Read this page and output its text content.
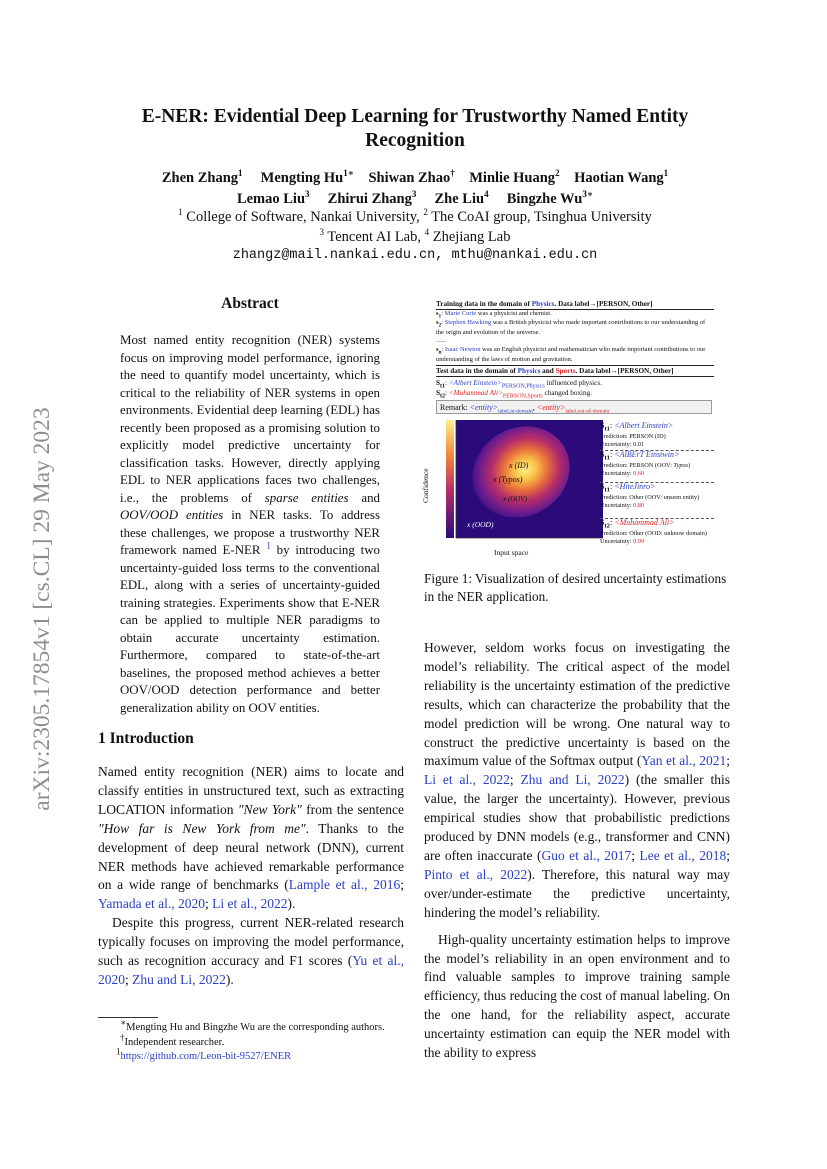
arXiv:2305.17854v1 [cs.CL] 29 May 2023
E-NER: Evidential Deep Learning for Trustworthy Named Entity
Recognition
Zhen Zhang$^1$ Mengting $Hu^{1∗}$ Shiwan Zhao† Minlie Huang$^2$ Haotian Wang$^1$
Lemao Liu$^3$ Zhirui Zhang$^3$ Zhe Liu$^4$ Bingzhe $Wu^{3∗}$
$^1$ College of Software, Nankai University, $^2$ The CoAI group, Tsinghua University
$^3$ Tencent AI Lab, $^4$ Zhejiang Lab
zhangz@mail.nankai.edu.cn, mthu@nankai.edu.cn
Abstract
Most named entity recognition (NER) systems focus on improving model performance, ignoring the need to quantify model uncertainty, which is critical to the reliability of NER systems in open environments. Evidential deep learning (EDL) has recently been proposed as a promising solution to explicitly model predictive uncertainty for classification tasks. However, directly applying EDL to NER applications faces two challenges, i.e., the problems of sparse entities and OOV/OOD entities in NER tasks. To address these challenges, we propose a trustworthy NER framework named E-NER $^1$ by introducing two uncertainty-guided loss terms to the conventional EDL, along with a series of uncertainty-guided training strategies. Experiments show that E-NER can be applied to multiple NER paradigms to obtain accurate uncertainty estimation. Furthermore, compared to state-of-the-art baselines, the proposed method achieves a better OOV/OOD detection performance and better generalization ability on OOV entities.
1 Introduction

Named entity recognition (NER) aims to locate and classify entities in unstructured text, such as extracting LOCATION information "New York" from the sentence "How far is New York from me". Thanks to the development of deep neural network (DNN), current NER methods have achieved remarkable performance on a wide range of benchmarks (Lample et al., 2016; Yamada et al., 2020; Li et al., 2022).

Despite this progress, current NER-related research typically focuses on improving the model performance, such as recognition accuracy and F1 scores (Yu et al., 2020; Zhu and Li, 2022).

∗Mengting Hu and Bingzhe Wu are the corresponding authors.
†Independent researcher.
1https://github.com/Leon-bit-9527/ENER
Training data in the domain of Physics. Data label→[PERSON, Other]
$s_1$: Marie Curie was a physicist and chemist.
$s_2$: Stephen Hawking was a British physicist who made important contributions to our understanding of the origin and evolution of the universe.
......
$s_n$: Isaac Newton was an English physicist and mathematician who made important contributions to our understanding of the laws of motion and gravitation.
Test data in the domain of Physics and Sports. Data label→[PERSON, Other]
$S_{t1}$: <Albert $Einstein>_{PERSON,Physics}$ influenced physics.
$S_{t2}$: <Muhammad $Ali>_{PERSON,Sports}$ changed boxing.
Remark: $<entity>_{label,in-domain}$, $<entity>_{label,out-of-domain}$
x (ID)
x (Typos)
x (OOV)
x (OOD)
Confidence
Input space
$S_{t1}$: <Albert Einstein>
Prediction: PERSON (ID)
Uncertainty: 0.01
$S_{t1}$: <AlBErT Einstwin>
Prediction: PERSON (OOV: Typos)
Uncertainty: 0.60
$S_{t1}$: <HiteJinro>
Prediction: Other (OOV: unseen entity)
Uncertainty: 0.80
$S_{t2}$: <Muhammad Ali>
Prediction: Other (OOD: unknow domain)
Uncertainty: 0.99
Figure 1: Visualization of desired uncertainty estimations in the NER application.

However, seldom works focus on investigating the model’s reliability. The critical aspect of the model reliability is the uncertainty estimation of the predictive results, which can characterize the probability that the model prediction will be wrong. One natural way to construct the predictive uncertainty is based on the maximum value of the Softmax output (Yan et al., 2021; Li et al., 2022; Zhu and Li, 2022) (the smaller this value, the larger the uncertainty). However, previous empirical studies show that probabilistic predictions produced by DNN models (e.g., transformer and CNN) are often inaccurate (Guo et al., 2017; Lee et al., 2018; Pinto et al., 2022). Therefore, this natural way may over/under-estimate the predictive uncertainty, hindering the model’s reliability.

High-quality uncertainty estimation helps to improve the model’s reliability in an open environment and to find valuable samples to improve training sample efficiency, thus reducing the cost of manual labeling. On the one hand, for the reliability aspect, accurate uncertainty estimation can equip the NER model with the ability to express
